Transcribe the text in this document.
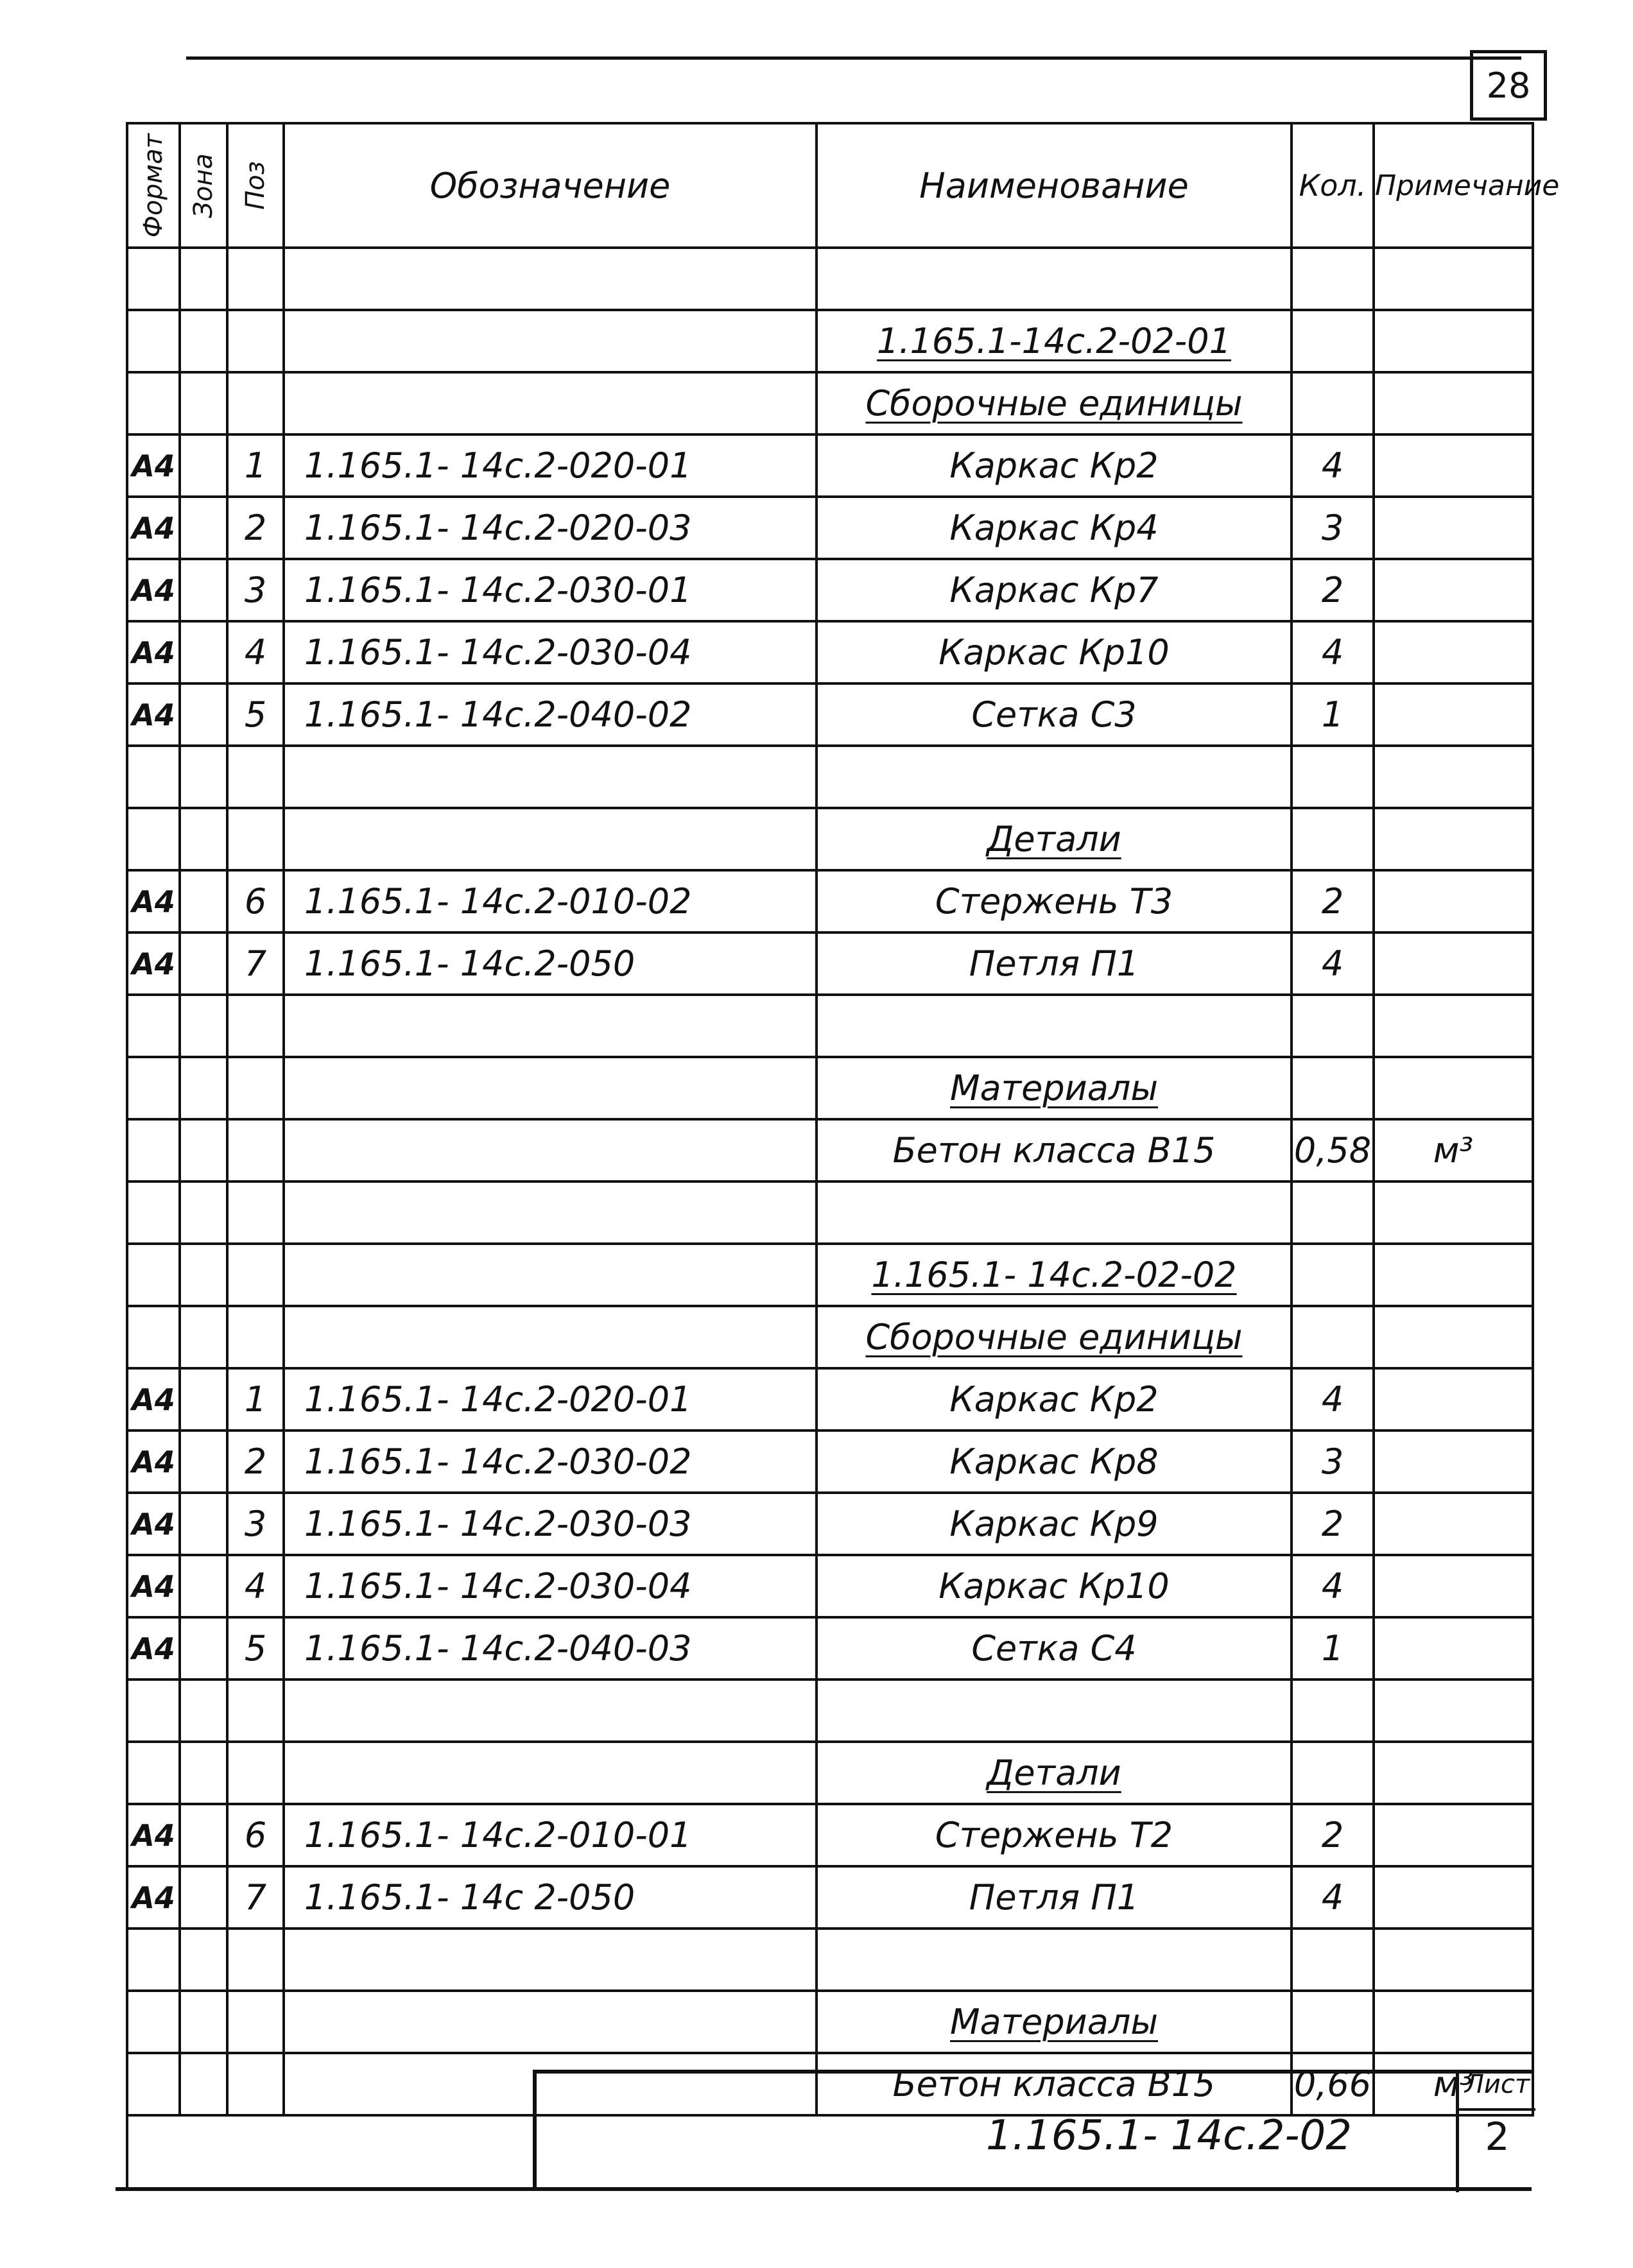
28
Формат	Зона	Поз	Обозначение	Наименование	Кол.	Примечание

				1.165.1-14с.2-02-01		
				Сборочные единицы		
А4		1	1.165.1- 14с.2-020-01	Каркас Кр2	4	
А4		2	1.165.1- 14с.2-020-03	Каркас Кр4	3	
А4		3	1.165.1- 14с.2-030-01	Каркас Кр7	2	
А4		4	1.165.1- 14с.2-030-04	Каркас Кр10	4	
А4		5	1.165.1- 14с.2-040-02	Сетка С3	1	

				Детали		
А4		6	1.165.1- 14с.2-010-02	Стержень Т3	2	
А4		7	1.165.1- 14с.2-050	Петля П1	4	

				Материалы		
				Бетон класса В15	0,58	м³

				1.165.1- 14с.2-02-02		
				Сборочные единицы		
А4		1	1.165.1- 14с.2-020-01	Каркас Кр2	4	
А4		2	1.165.1- 14с.2-030-02	Каркас Кр8	3	
А4		3	1.165.1- 14с.2-030-03	Каркас Кр9	2	
А4		4	1.165.1- 14с.2-030-04	Каркас Кр10	4	
А4		5	1.165.1- 14с.2-040-03	Сетка С4	1	

				Детали		
А4		6	1.165.1- 14с.2-010-01	Стержень Т2	2	
А4		7	1.165.1- 14с 2-050	Петля П1	4	

				Материалы		
				Бетон класса В15	0,66	м³
1.165.1- 14с.2-02
Лист
2
